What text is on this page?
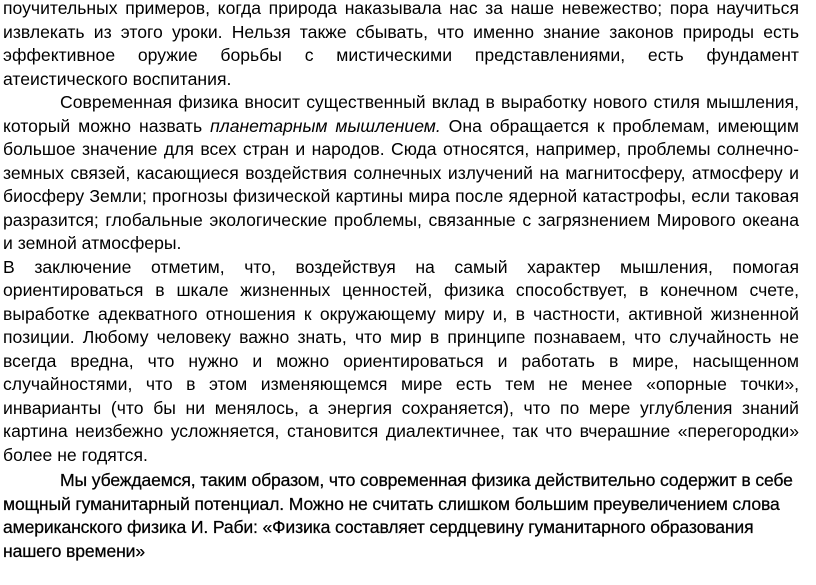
поучительных примеров, когда природа наказывала нас за наше невежество; пора научиться извлекать из этого уроки. Нельзя также сбывать, что именно знание законов природы есть эффективное оружие борьбы с мистическими представлениями, есть фундамент атеистического воспитания.

Современная физика вносит существенный вклад в выработку нового стиля мышления, который можно назвать планетарным мышлением. Она обращается к проблемам, имеющим большое значение для всех стран и народов. Сюда относятся, например, проблемы солнечно-земных связей, касающиеся воздействия солнечных излучений на магнитосферу, атмосферу и биосферу Земли; прогнозы физической картины мира после ядерной катастрофы, если таковая разразится; глобальные экологические проблемы, связанные с загрязнением Мирового океана и земной атмосферы.

В заключение отметим, что, воздействуя на самый характер мышления, помогая ориентироваться в шкале жизненных ценностей, физика способствует, в конечном счете, выработке адекватного отношения к окружающему миру и, в частности, активной жизненной позиции. Любому человеку важно знать, что мир в принципе познаваем, что случайность не всегда вредна, что нужно и можно ориентироваться и работать в мире, насыщенном случайностями, что в этом изменяющемся мире есть тем не менее «опорные точки», инварианты (что бы ни менялось, а энергия сохраняется), что по мере углубления знаний картина неизбежно усложняется, становится диалектичнее, так что вчерашние «перегородки» более не годятся.

Мы убеждаемся, таким образом, что современная физика действительно содержит в себе мощный гуманитарный потенциал. Можно не считать слишком большим преувеличением слова американского физика И. Раби: «Физика составляет сердцевину гуманитарного образования нашего времени»
